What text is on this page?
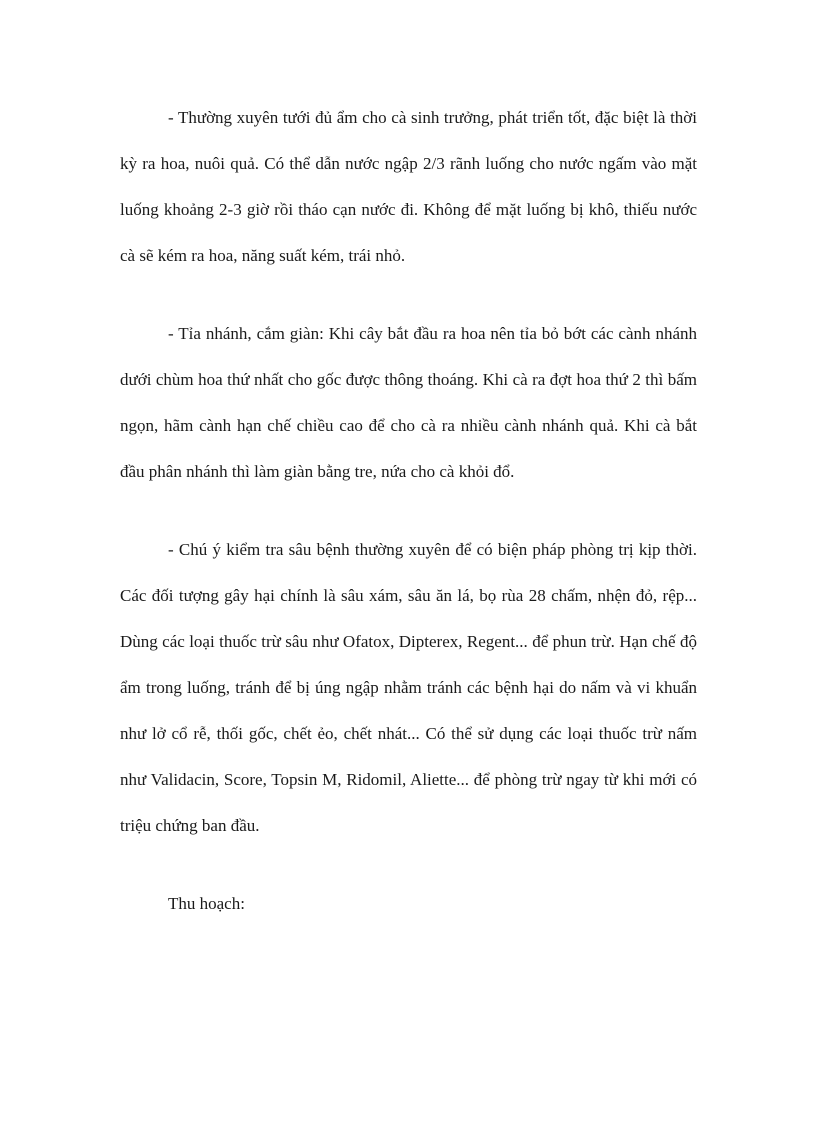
- Thường xuyên tưới đủ ẩm cho cà sinh trưởng, phát triển tốt, đặc biệt là thời kỳ ra hoa, nuôi quả. Có thể dẫn nước ngập 2/3 rãnh luống cho nước ngấm vào mặt luống khoảng 2-3 giờ rồi tháo cạn nước đi. Không để mặt luống bị khô, thiếu nước cà sẽ kém ra hoa, năng suất kém, trái nhỏ.

- Tỉa nhánh, cắm giàn: Khi cây bắt đầu ra hoa nên tỉa bỏ bớt các cành nhánh dưới chùm hoa thứ nhất cho gốc được thông thoáng. Khi cà ra đợt hoa thứ 2 thì bấm ngọn, hãm cành hạn chế chiều cao để cho cà ra nhiều cành nhánh quả. Khi cà bắt đầu phân nhánh thì làm giàn bằng tre, nứa cho cà khỏi đổ.

- Chú ý kiểm tra sâu bệnh thường xuyên để có biện pháp phòng trị kịp thời. Các đối tượng gây hại chính là sâu xám, sâu ăn lá, bọ rùa 28 chấm, nhện đỏ, rệp... Dùng các loại thuốc trừ sâu như Ofatox, Dipterex, Regent... để phun trừ. Hạn chế độ ẩm trong luống, tránh để bị úng ngập nhằm tránh các bệnh hại do nấm và vi khuẩn như lở cổ rễ, thối gốc, chết ẻo, chết nhát... Có thể sử dụng các loại thuốc trừ nấm như Validacin, Score, Topsin M, Ridomil, Aliette... để phòng trừ ngay từ khi mới có triệu chứng ban đầu.

Thu hoạch:
